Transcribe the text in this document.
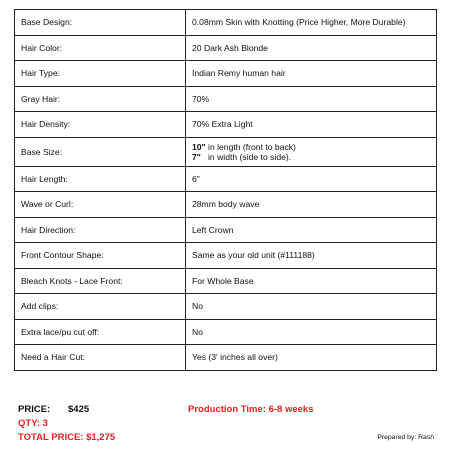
Base Design:	0.08mm Skin with Knotting (Price Higher, More Durable)
Hair Color:	20 Dark Ash Blonde
Hair Type:	Indian Remy human hair
Gray Hair:	70%
Hair Density:	70% Extra Light
Base Size:	10" in length (front to back)
7"   in width (side to side).

Hair Length:	6"
Wave or Curl:	28mm body wave
Hair Direction:	Left Crown
Front Contour Shape:	Same as your old unit (#111188)
Bleach Knots - Lace Front:	For Whole Base
Add clips:	No
Extra lace/pu cut off:	No
Need a Hair Cut:	Yes (3' inches all over)
PRICE: $425
QTY: 3
TOTAL PRICE: $1,275
Production Time: 6-8 weeks
Prepared by: Rash
